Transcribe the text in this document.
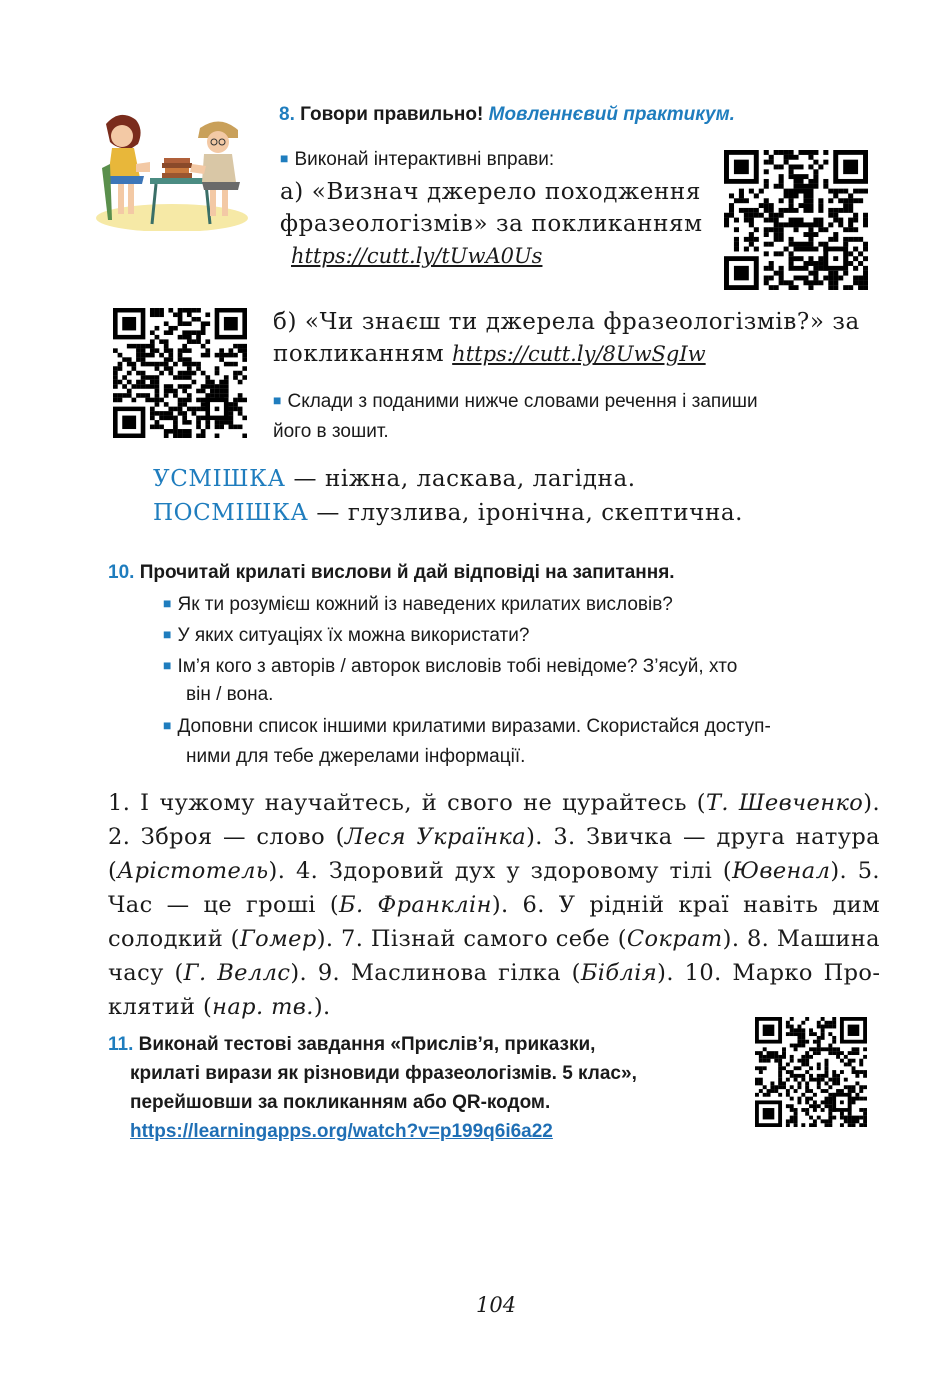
8. Говори правильно! Мовленнєвий практикум.
■ Виконай інтерактивні вправи:
а) «Визнач джерело походження
фразеологізмів» за покликанням
https://cutt.ly/tUwA0Us
б) «Чи знаєш ти джерела фразеологізмів?» за
покликанням https://cutt.ly/8UwSgIw
■ Склади з поданими нижче словами речення і запиши
його в зошит.
УСМІШКА — ніжна, ласкава, лагідна.
ПОСМІШКА — глузлива, іронічна, скептична.
10. Прочитай крилаті вислови й дай відповіді на запитання.
■ Як ти розумієш кожний із наведених крилатих висловів?
■ У яких ситуаціях їх можна використати?
■ Ім’я кого з авторів / авторок висловів тобі невідоме? З’ясуй, хто
він / вона.
■ Доповни список іншими крилатими виразами. Скористайся доступ-
ними для тебе джерелами інформації.
1. І чужому научайтесь, й свого не цурайтесь (Т. Шевченко). 2. Зброя — слово (Леся Українка). 3. Звичка — друга натура (Арістотель). 4. Здоровий дух у здоровому тілі (Ювенал). 5. Час — це гроші (Б. Франклін). 6. У рідній краї навіть дим солодкий (Гомер). 7. Пізнай самого себе (Сократ). 8. Машина часу (Г. Веллс). 9. Маслинова гілка (Біблія). 10. Марко Проклятий (нар. тв.).
11. Виконай тестові завдання «Прислів’я, приказки,
крилаті вирази як різновиди фразеологізмів. 5 клас»,
перейшовши за покликанням або QR-кодом.
https://learningapps.org/watch?v=p199q6i6a22
104
